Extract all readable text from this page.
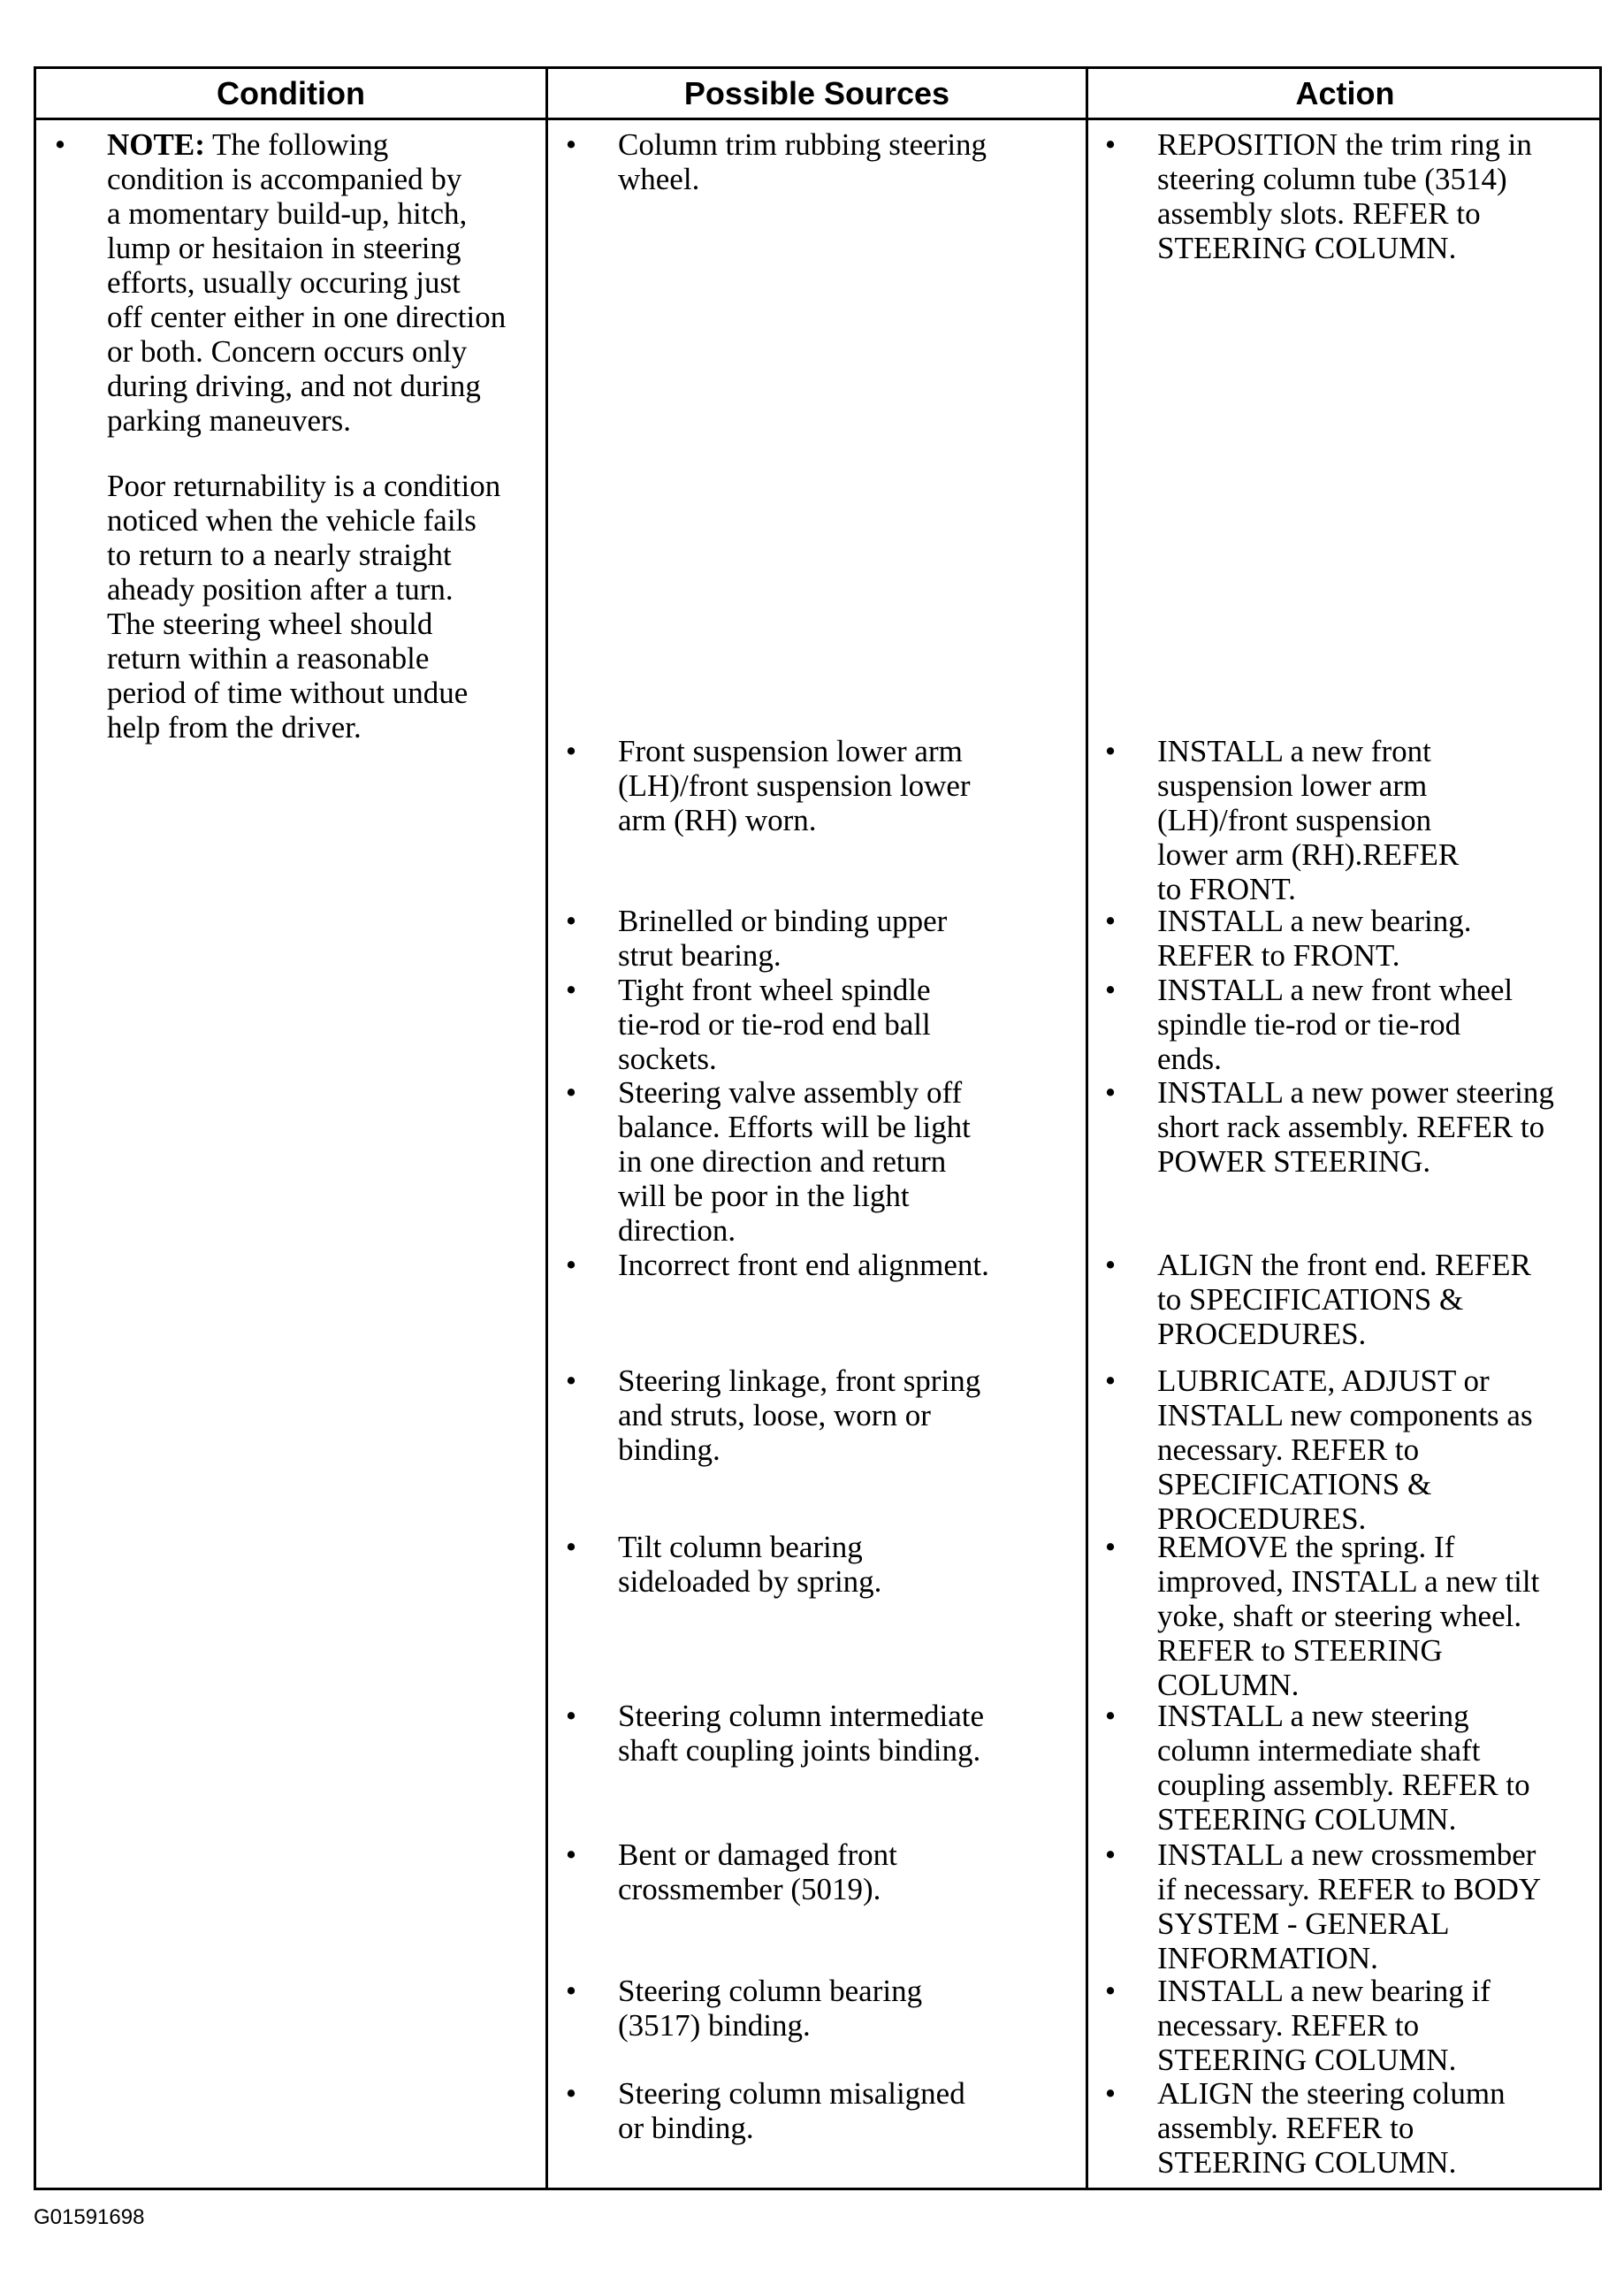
Condition	Possible Sources	Action
• NOTE: The following
condition is accompanied by
a momentary build-up, hitch,
lump or hesitaion in steering
efforts, usually occuring just
off center either in one direction
or both. Concern occurs only
during driving, and not during
parking maneuvers.
Poor returnability is a condition
noticed when the vehicle fails
to return to a nearly straight
aheady position after a turn.
The steering wheel should
return within a reasonable
period of time without undue
help from the driver.
• Column trim rubbing steering
wheel.
• Front suspension lower arm
(LH)/front suspension lower
arm (RH) worn.
• Brinelled or binding upper
strut bearing.
• Tight front wheel spindle
tie-rod or tie-rod end ball
sockets.
• Steering valve assembly off
balance. Efforts will be light
in one direction and return
will be poor in the light
direction.
• Incorrect front end alignment.
• Steering linkage, front spring
and struts, loose, worn or
binding.
• Tilt column bearing
sideloaded by spring.
• Steering column intermediate
shaft coupling joints binding.
• Bent or damaged front
crossmember (5019).
• Steering column bearing
(3517) binding.
• Steering column misaligned
or binding.
• REPOSITION the trim ring in
steering column tube (3514)
assembly slots. REFER to
STEERING COLUMN.
• INSTALL a new front
suspension lower arm
(LH)/front suspension
lower arm (RH).REFER
to FRONT.
• INSTALL a new bearing.
REFER to FRONT.
• INSTALL a new front wheel
spindle tie-rod or tie-rod
ends.
• INSTALL a new power steering
short rack assembly. REFER to
POWER STEERING.
• ALIGN the front end. REFER
to SPECIFICATIONS &
PROCEDURES.
• LUBRICATE, ADJUST or
INSTALL new components as
necessary. REFER to
SPECIFICATIONS &
PROCEDURES.
• REMOVE the spring. If
improved, INSTALL a new tilt
yoke, shaft or steering wheel.
REFER to STEERING
COLUMN.
• INSTALL a new steering
column intermediate shaft
coupling assembly. REFER to
STEERING COLUMN.
• INSTALL a new crossmember
if necessary. REFER to BODY
SYSTEM - GENERAL
INFORMATION.
• INSTALL a new bearing if
necessary. REFER to
STEERING COLUMN.
• ALIGN the steering column
assembly. REFER to
STEERING COLUMN.
G01591698
